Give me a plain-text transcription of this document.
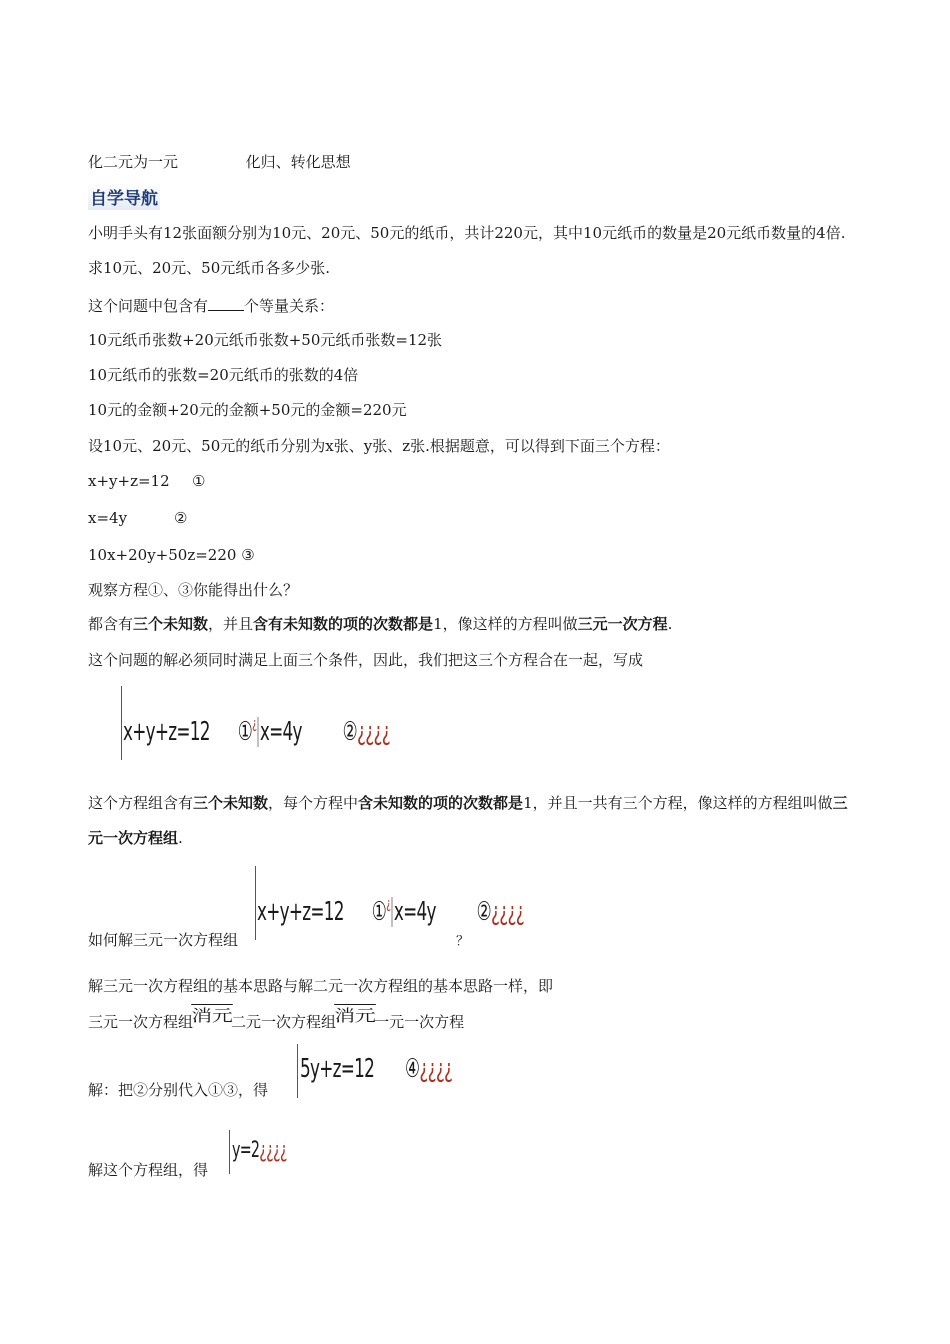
化二元为一元	化归、转化思想
自学导航
小明手头有12张面额分别为10元、20元、50元的纸币，共计220元，其中10元纸币的数量是20元纸币数量的4倍.求10元、20元、50元纸币各多少张.
这个问题中包含有 个等量关系：
10元纸币张数+20元纸币张数+50元纸币张数=12张
10元纸币的张数=20元纸币的张数的4倍
10元的金额+20元的金额+50元的金额=220元
设10元、20元、50元的纸币分别为x张、y张、z张.根据题意，可以得到下面三个方程：
x+y+z=12 ①
x=4y	②
10x+20y+50z=220 ③
观察方程①、③你能得出什么？
都含有三个未知数，并且含有未知数的项的次数都是1，像这样的方程叫做三元一次方程.
这个问题的解必须同时满足上面三个条件，因此，我们把这三个方程合在一起，写成
x+y+z=12 ①¿ x=4y ②¿¿¿¿
这个方程组含有三个未知数，每个方程中含未知数的项的次数都是1，并且一共有三个方程，像这样的方程组叫做三元一次方程组.
如何解三元一次方程组
x+y+z=12 ①¿ x=4y ②¿¿¿¿
？
解三元一次方程组的基本思路与解二元一次方程组的基本思路一样，即
三元一次方程组消元二元一次方程组消元一元一次方程
解：把②分别代入①③，得
5y+z=12 ④¿¿¿¿
解这个方程组，得
y=2¿¿¿¿
